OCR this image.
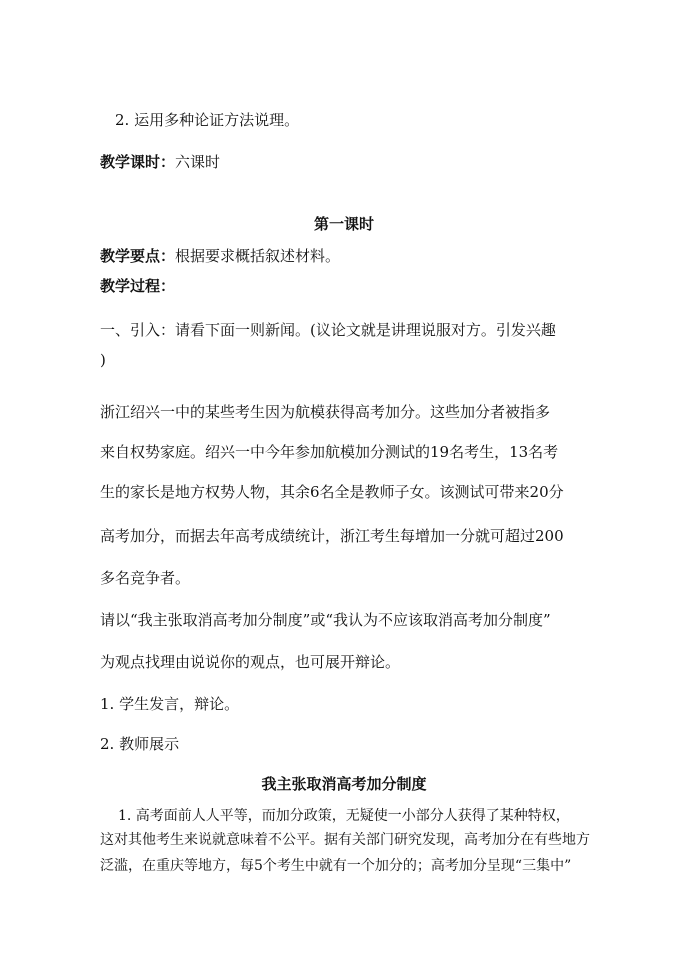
2. 运用多种论证方法说理。

教学课时：六课时

第一课时

教学要点：根据要求概括叙述材料。

教学过程：

一、引入：请看下面一则新闻。(议论文就是讲理说服对方。引发兴趣

)

浙江绍兴一中的某些考生因为航模获得高考加分。这些加分者被指多

来自权势家庭。绍兴一中今年参加航模加分测试的19名考生，13名考

生的家长是地方权势人物，其余6名全是教师子女。该测试可带来20分

高考加分，而据去年高考成绩统计，浙江考生每增加一分就可超过200

多名竞争者。

请以“我主张取消高考加分制度”或“我认为不应该取消高考加分制度”

为观点找理由说说你的观点，也可展开辩论。

1. 学生发言，辩论。

2. 教师展示

我主张取消高考加分制度

1. 高考面前人人平等，而加分政策，无疑使一小部分人获得了某种特权，

这对其他考生来说就意味着不公平。据有关部门研究发现，高考加分在有些地方

泛滥，在重庆等地方，每5个考生中就有一个加分的；高考加分呈现“三集中”
